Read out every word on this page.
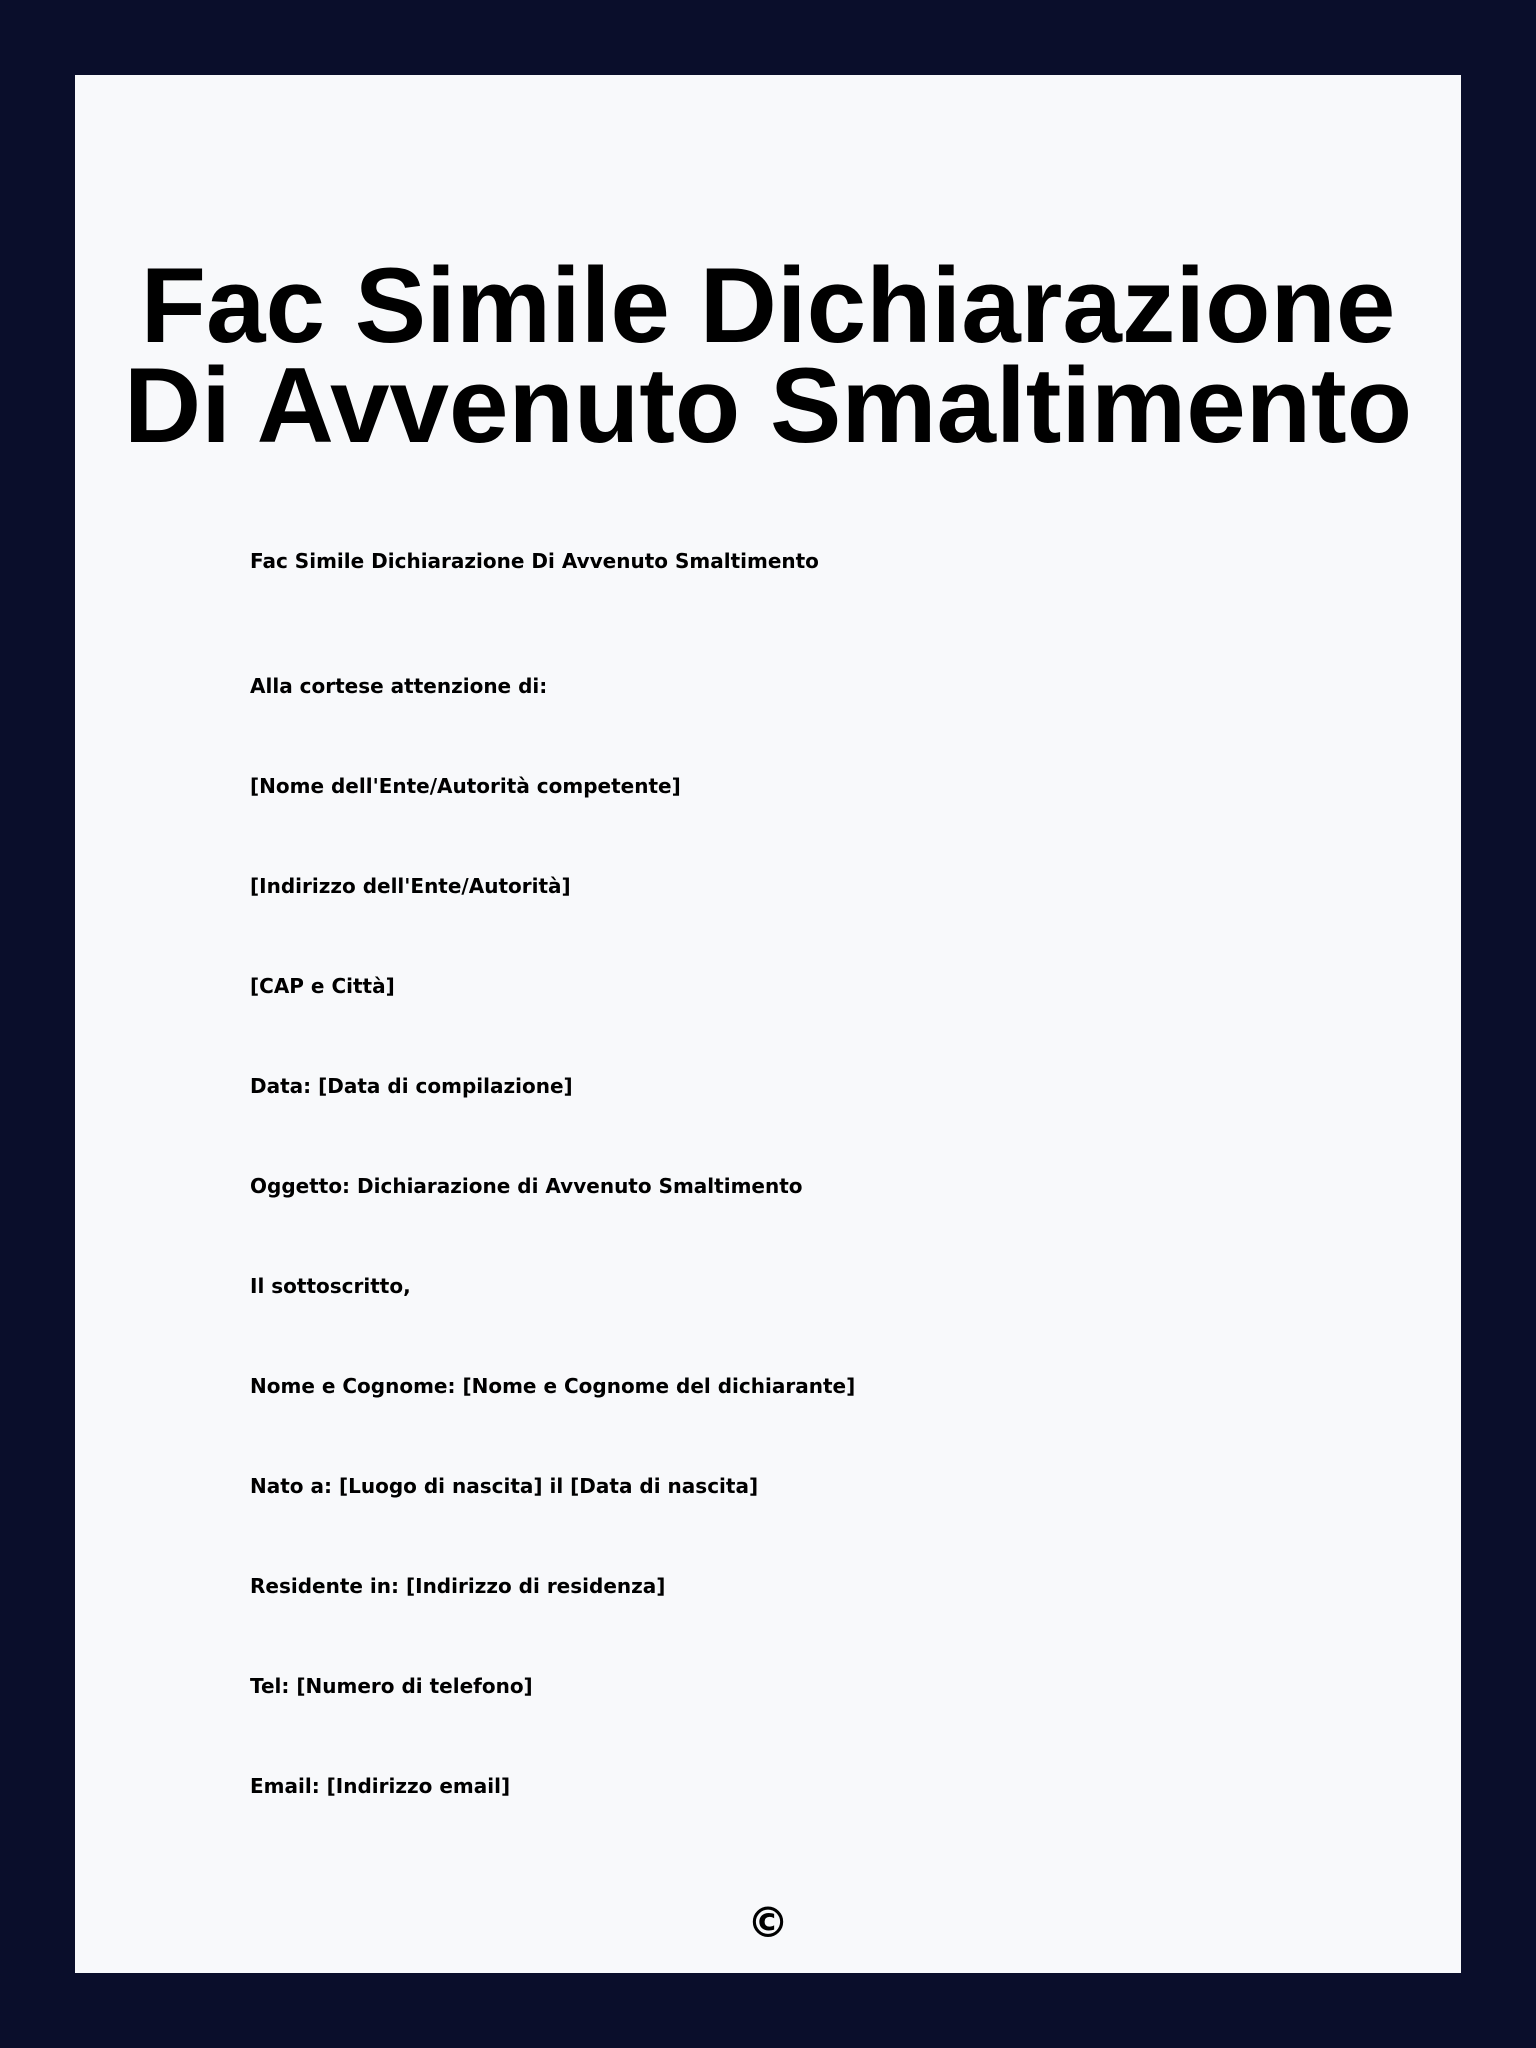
Fac Simile Dichiarazione Di Avvenuto Smaltimento
Fac Simile Dichiarazione Di Avvenuto Smaltimento
Alla cortese attenzione di:
[Nome dell'Ente/Autorità competente]
[Indirizzo dell'Ente/Autorità]
[CAP e Città]
Data: [Data di compilazione]
Oggetto: Dichiarazione di Avvenuto Smaltimento
Il sottoscritto,
Nome e Cognome: [Nome e Cognome del dichiarante]
Nato a: [Luogo di nascita] il [Data di nascita]
Residente in: [Indirizzo di residenza]
Tel: [Numero di telefono]
Email: [Indirizzo email]
©
